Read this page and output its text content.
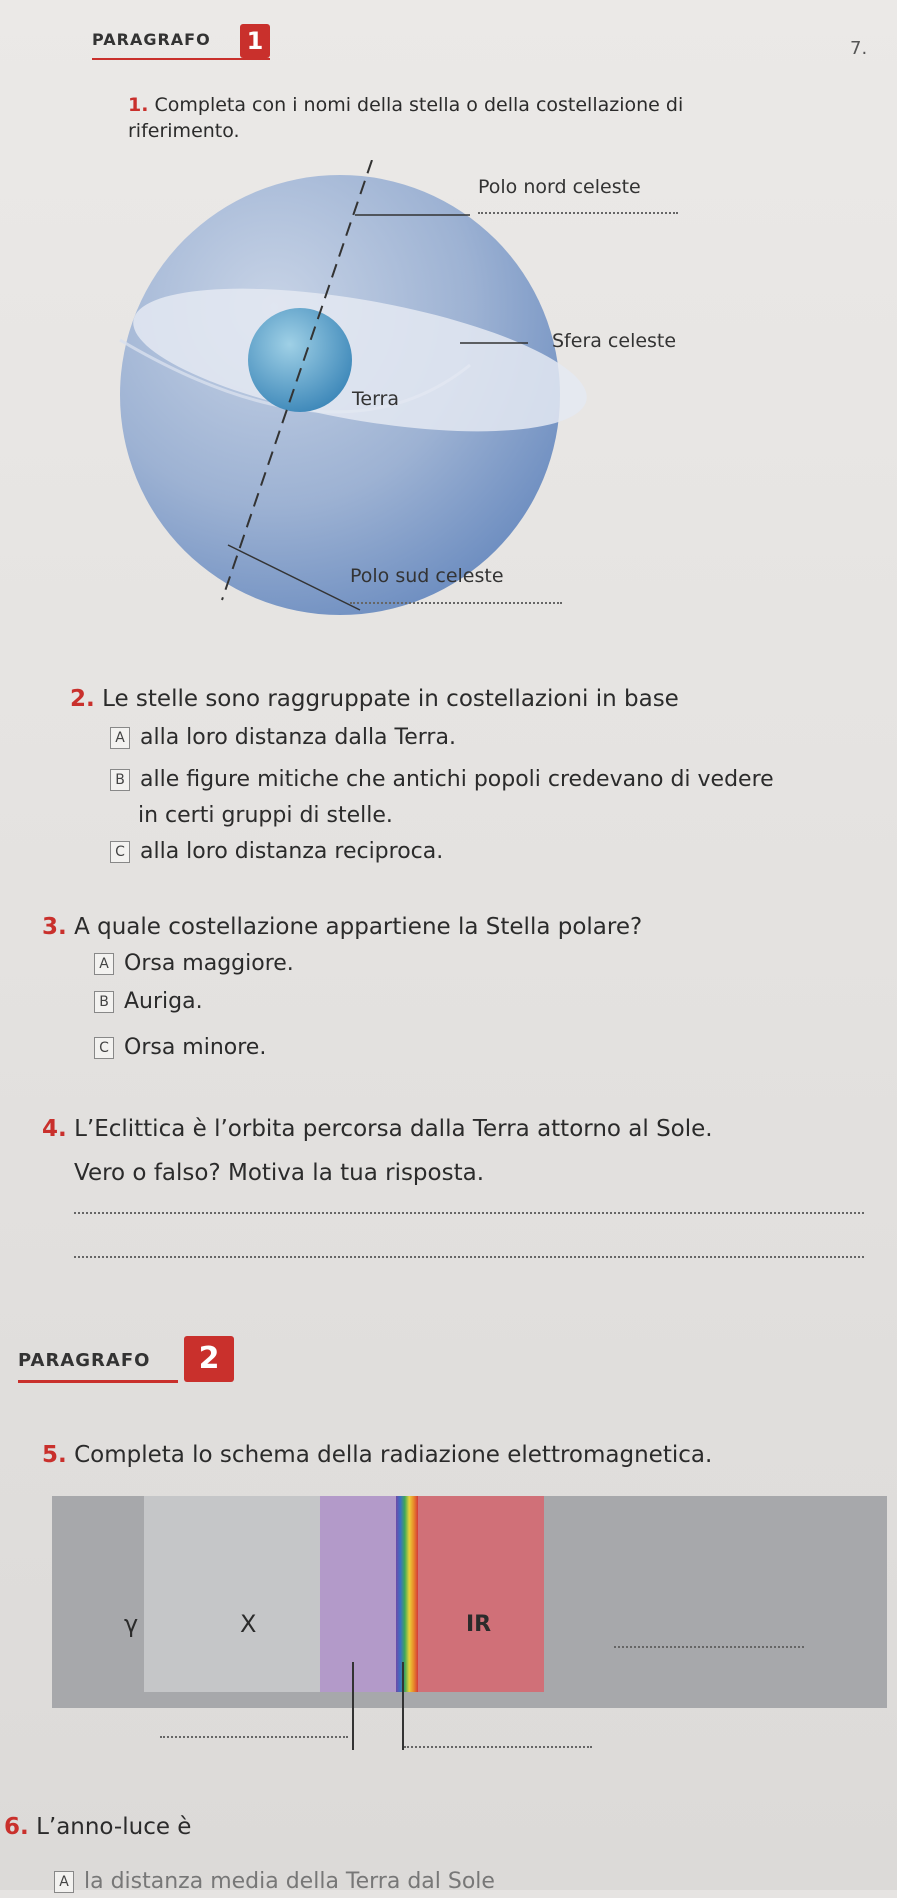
PARAGRAFO 1	7.
1. Completa con i nomi della stella o della costellazione di riferimento.
Polo nord celeste
Sfera celeste
Terra
Polo sud celeste
2. Le stelle sono raggruppate in costellazioni in base
A alla loro distanza dalla Terra.
B alle figure mitiche che antichi popoli credevano di vedere
in certi gruppi di stelle.
C alla loro distanza reciproca.
3. A quale costellazione appartiene la Stella polare?
A Orsa maggiore.
B Auriga.
C Orsa minore.
4. L’Eclittica è l’orbita percorsa dalla Terra attorno al Sole.
Vero o falso? Motiva la tua risposta.
PARAGRAFO	2
5. Completa lo schema della radiazione elettromagnetica.
γ	X	IR
6. L’anno-luce è
A la distanza media della Terra dal Sole
